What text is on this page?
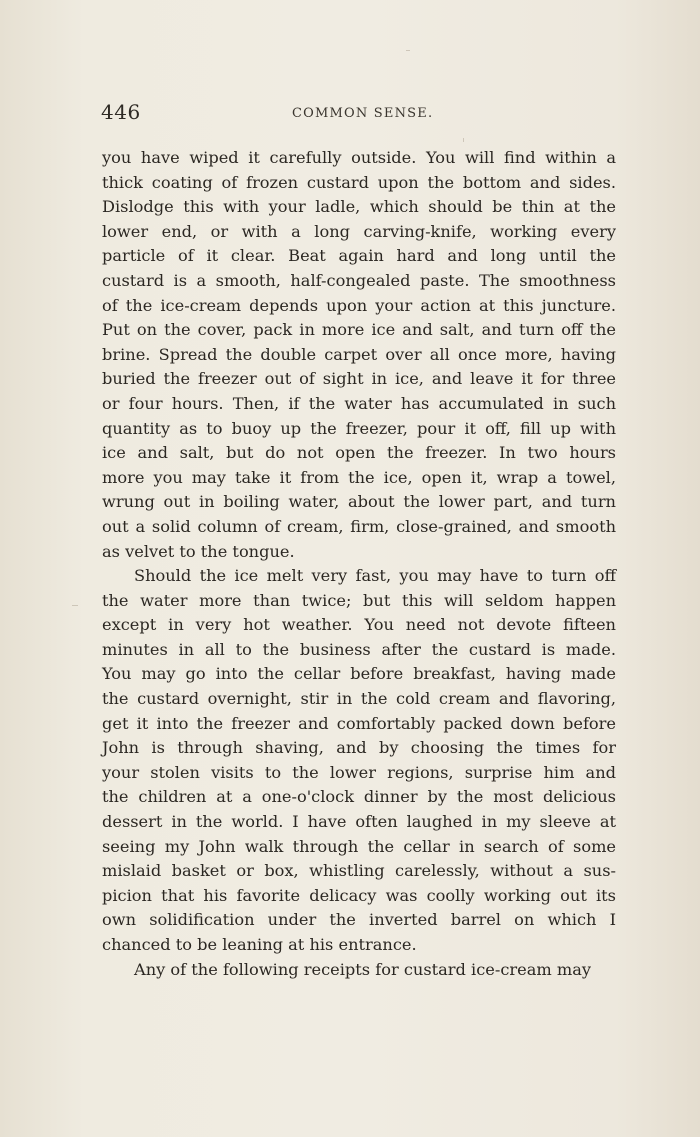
446	COMMON SENSE.
you have wiped it carefully outside. You will find within a
thick coating of frozen custard upon the bottom and sides.
Dislodge this with your ladle, which should be thin at the
lower end, or with a long carving-knife, working every
particle of it clear. Beat again hard and long until the
custard is a smooth, half-congealed paste. The smoothness
of the ice-cream depends upon your action at this juncture.
Put on the cover, pack in more ice and salt, and turn off the
brine. Spread the double carpet over all once more, having
buried the freezer out of sight in ice, and leave it for three
or four hours. Then, if the water has accumulated in such
quantity as to buoy up the freezer, pour it off, fill up with
ice and salt, but do not open the freezer. In two hours
more you may take it from the ice, open it, wrap a towel,
wrung out in boiling water, about the lower part, and turn
out a solid column of cream, firm, close-grained, and smooth
as velvet to the tongue.
Should the ice melt very fast, you may have to turn off
the water more than twice; but this will seldom happen
except in very hot weather. You need not devote fifteen
minutes in all to the business after the custard is made.
You may go into the cellar before breakfast, having made
the custard overnight, stir in the cold cream and flavoring,
get it into the freezer and comfortably packed down before
John is through shaving, and by choosing the times for
your stolen visits to the lower regions, surprise him and
the children at a one-o'clock dinner by the most delicious
dessert in the world. I have often laughed in my sleeve at
seeing my John walk through the cellar in search of some
mislaid basket or box, whistling carelessly, without a sus-
picion that his favorite delicacy was coolly working out its
own solidification under the inverted barrel on which I
chanced to be leaning at his entrance.
Any of the following receipts for custard ice-cream may
